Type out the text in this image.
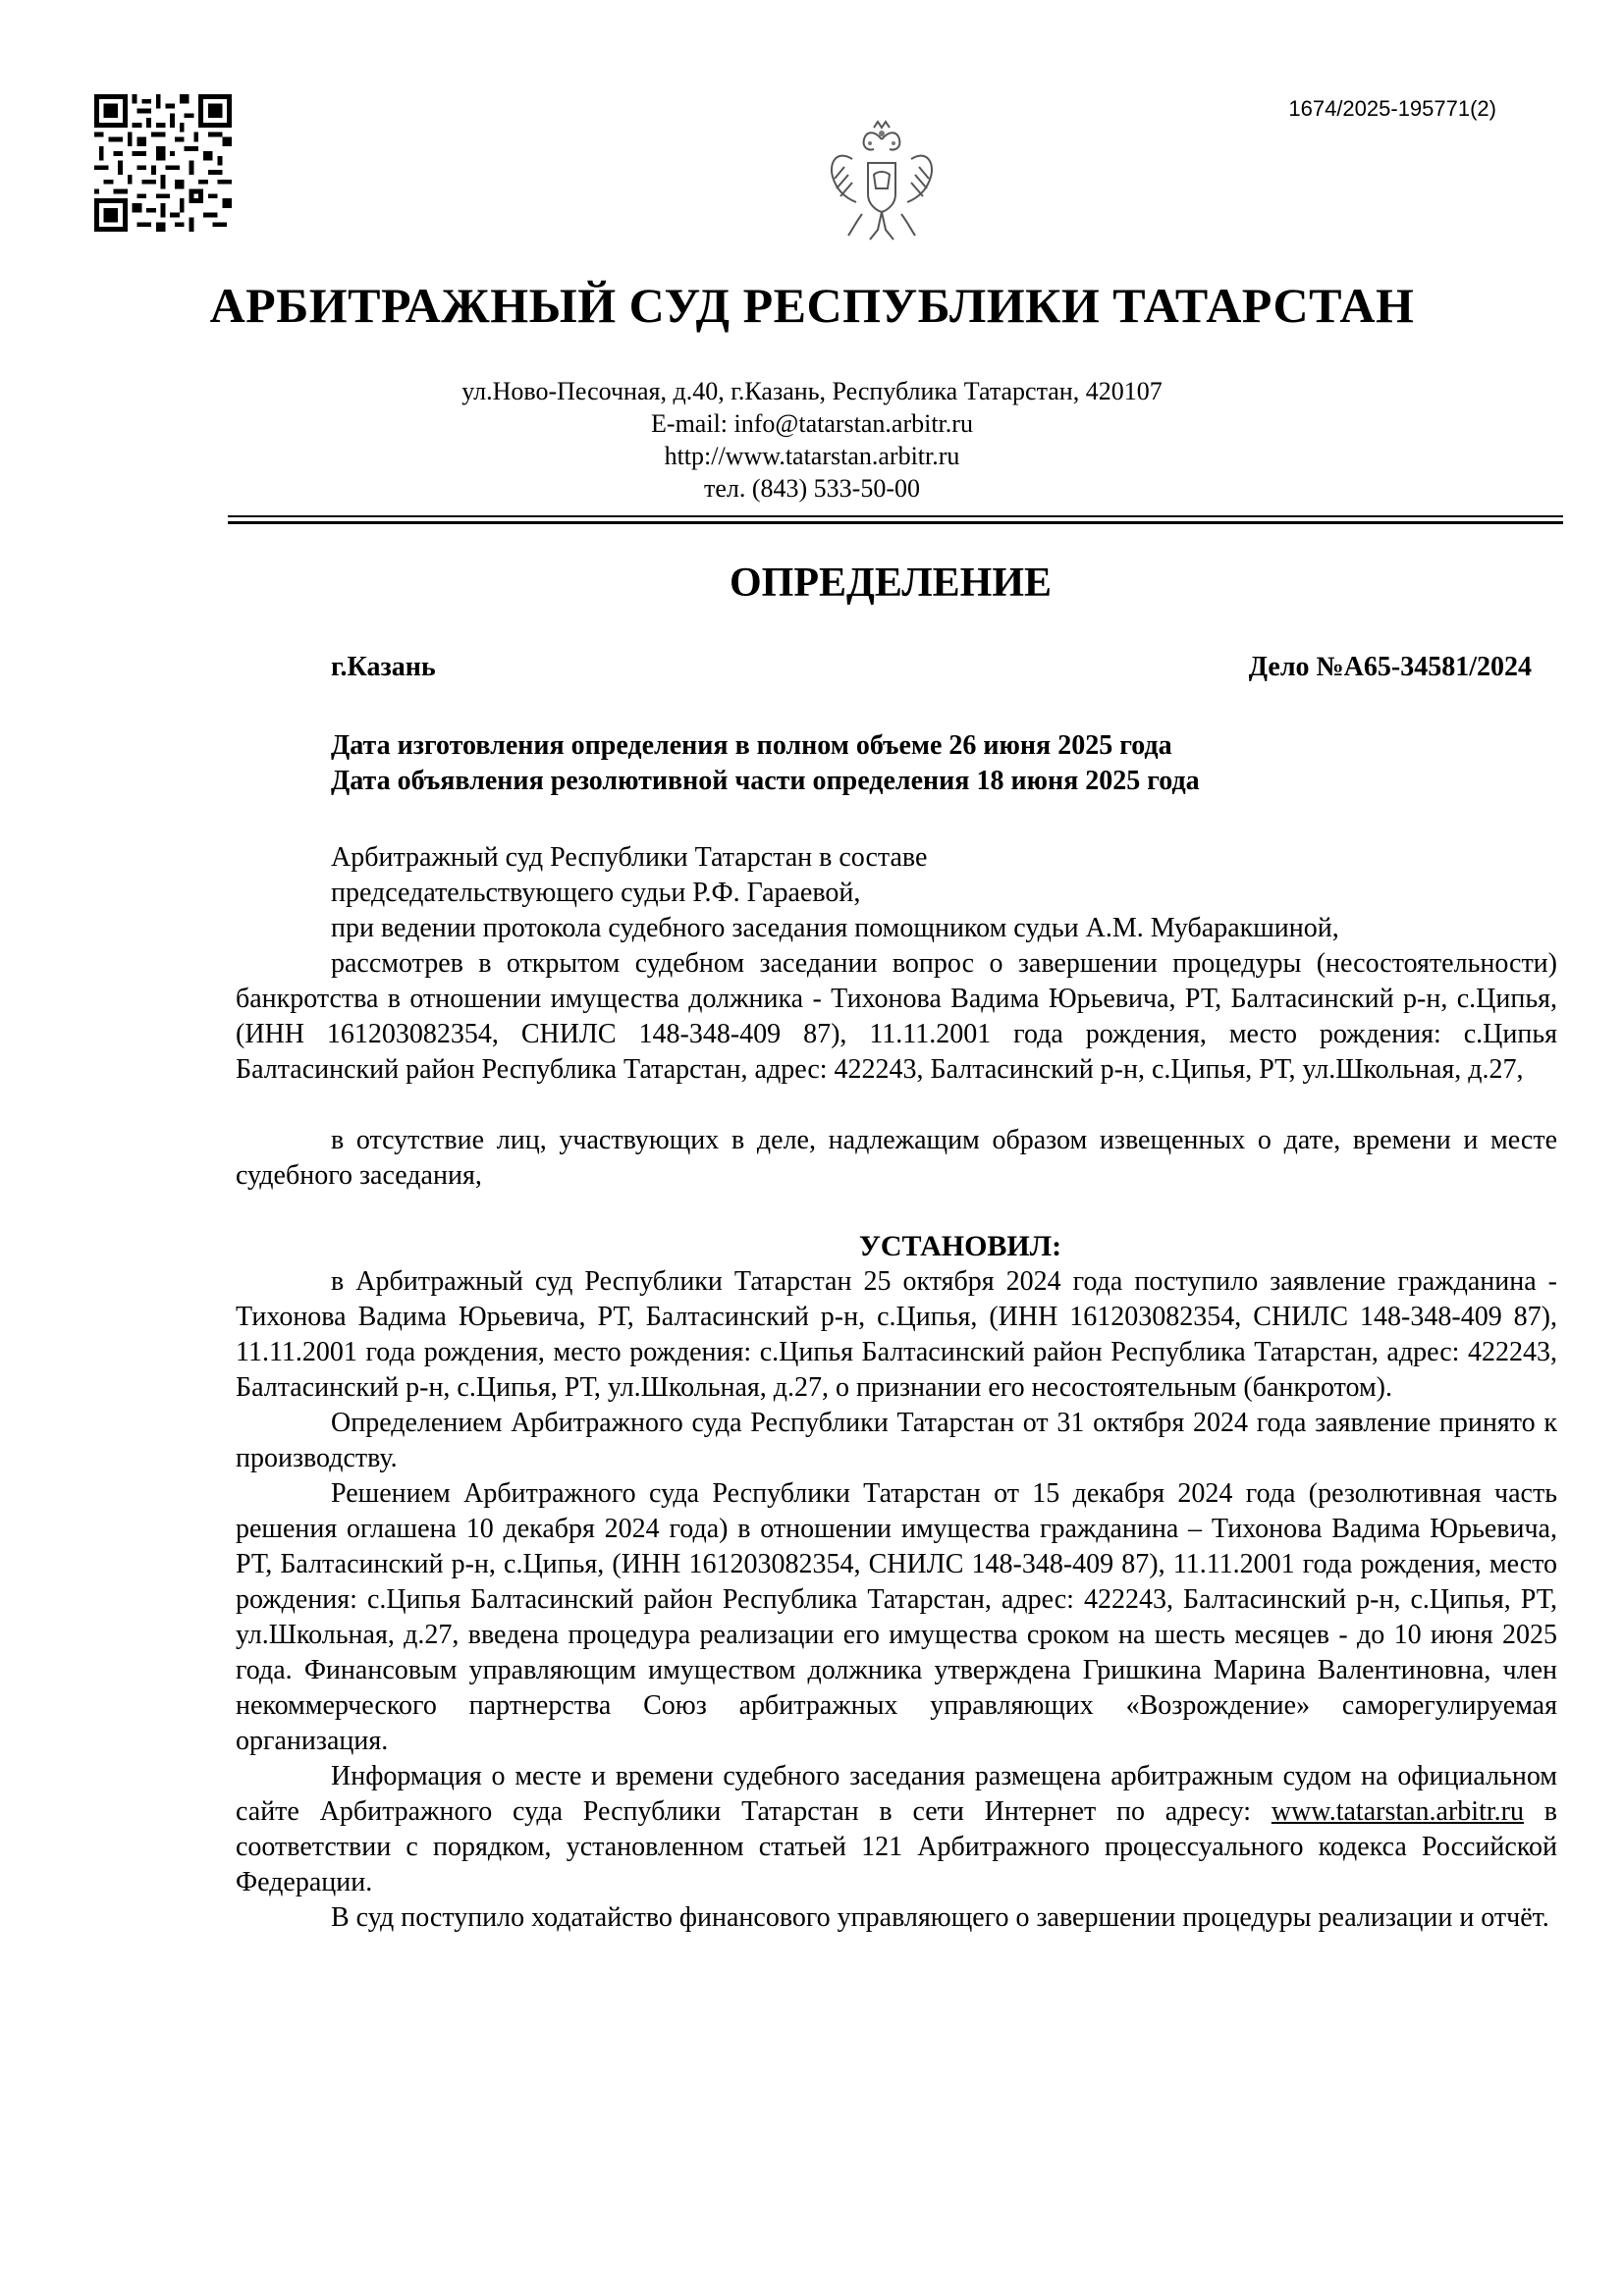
1674/2025-195771(2)
АРБИТРАЖНЫЙ СУД РЕСПУБЛИКИ ТАТАРСТАН
ул.Ново-Песочная, д.40, г.Казань, Республика Татарстан, 420107
E-mail: info@tatarstan.arbitr.ru
http://www.tatarstan.arbitr.ru
тел. (843) 533-50-00
ОПРЕДЕЛЕНИЕ
г.Казань	Дело №А65-34581/2024
Дата изготовления определения в полном объеме 26 июня 2025 года
Дата объявления резолютивной части определения 18 июня 2025 года

Арбитражный суд Республики Татарстан в составе

председательствующего судьи Р.Ф. Гараевой,

при ведении протокола судебного заседания помощником судьи А.М. Мубаракшиной,

рассмотрев в открытом судебном заседании вопрос о завершении процедуры (несостоятельности) банкротства в отношении имущества должника - Тихонова Вадима Юрьевича, РТ, Балтасинский р-н, с.Ципья, (ИНН 161203082354, СНИЛС 148-348-409 87), 11.11.2001 года рождения, место рождения: с.Ципья Балтасинский район Республика Татарстан, адрес: 422243, Балтасинский р-н, с.Ципья, РТ, ул.Школьная, д.27,

в отсутствие лиц, участвующих в деле, надлежащим образом извещенных о дате, времени и месте судебного заседания,

УСТАНОВИЛ:

в Арбитражный суд Республики Татарстан 25 октября 2024 года поступило заявление гражданина - Тихонова Вадима Юрьевича, РТ, Балтасинский р-н, с.Ципья, (ИНН 161203082354, СНИЛС 148-348-409 87), 11.11.2001 года рождения, место рождения: с.Ципья Балтасинский район Республика Татарстан, адрес: 422243, Балтасинский р-н, с.Ципья, РТ, ул.Школьная, д.27, о признании его несостоятельным (банкротом).

Определением Арбитражного суда Республики Татарстан от 31 октября 2024 года заявление принято к производству.

Решением Арбитражного суда Республики Татарстан от 15 декабря 2024 года (резолютивная часть решения оглашена 10 декабря 2024 года) в отношении имущества гражданина – Тихонова Вадима Юрьевича, РТ, Балтасинский р-н, с.Ципья, (ИНН 161203082354, СНИЛС 148-348-409 87), 11.11.2001 года рождения, место рождения: с.Ципья Балтасинский район Республика Татарстан, адрес: 422243, Балтасинский р-н, с.Ципья, РТ, ул.Школьная, д.27, введена процедура реализации его имущества сроком на шесть месяцев - до 10 июня 2025 года. Финансовым управляющим имуществом должника утверждена Гришкина Марина Валентиновна, член некоммерческого партнерства Союз арбитражных управляющих «Возрождение» саморегулируемая организация.

Информация о месте и времени судебного заседания размещена арбитражным судом на официальном сайте Арбитражного суда Республики Татарстан в сети Интернет по адресу: www.tatarstan.arbitr.ru в соответствии с порядком, установленном статьей 121 Арбитражного процессуального кодекса Российской Федерации.

В суд поступило ходатайство финансового управляющего о завершении процедуры реализации и отчёт.
